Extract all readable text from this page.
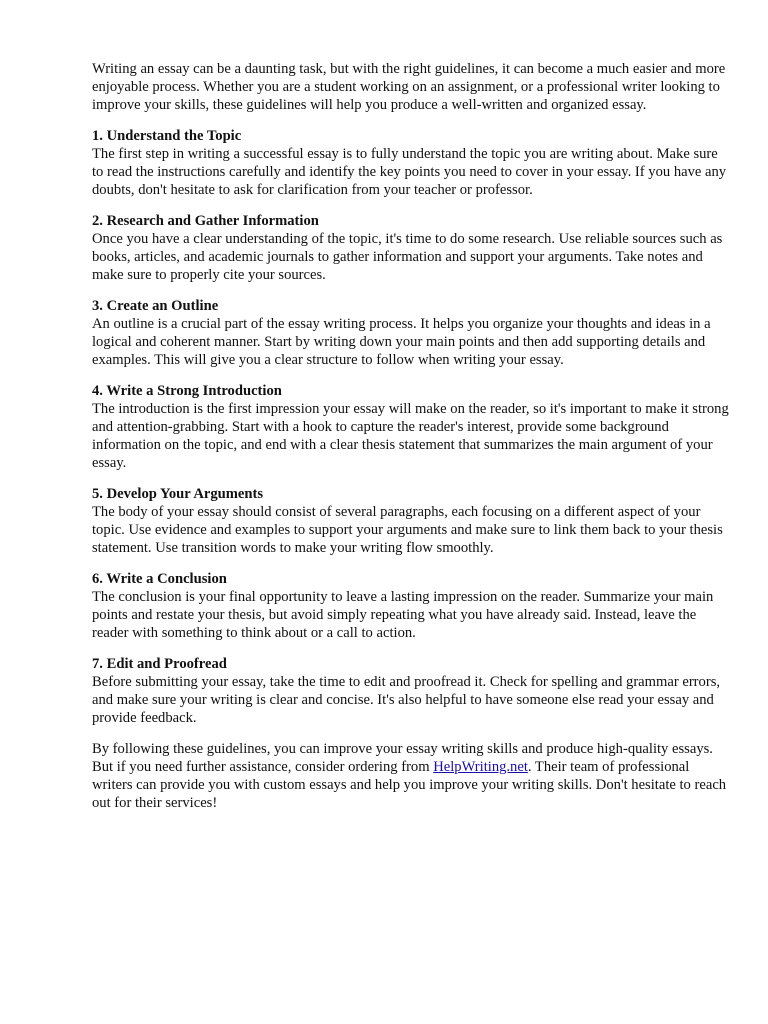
Writing an essay can be a daunting task, but with the right guidelines, it can become a much easier and more enjoyable process. Whether you are a student working on an assignment, or a professional writer looking to improve your skills, these guidelines will help you produce a well-written and organized essay.

1. Understand the Topic

The first step in writing a successful essay is to fully understand the topic you are writing about. Make sure to read the instructions carefully and identify the key points you need to cover in your essay. If you have any doubts, don't hesitate to ask for clarification from your teacher or professor.

2. Research and Gather Information

Once you have a clear understanding of the topic, it's time to do some research. Use reliable sources such as books, articles, and academic journals to gather information and support your arguments. Take notes and make sure to properly cite your sources.

3. Create an Outline

An outline is a crucial part of the essay writing process. It helps you organize your thoughts and ideas in a logical and coherent manner. Start by writing down your main points and then add supporting details and examples. This will give you a clear structure to follow when writing your essay.

4. Write a Strong Introduction

The introduction is the first impression your essay will make on the reader, so it's important to make it strong and attention-grabbing. Start with a hook to capture the reader's interest, provide some background information on the topic, and end with a clear thesis statement that summarizes the main argument of your essay.

5. Develop Your Arguments

The body of your essay should consist of several paragraphs, each focusing on a different aspect of your topic. Use evidence and examples to support your arguments and make sure to link them back to your thesis statement. Use transition words to make your writing flow smoothly.

6. Write a Conclusion

The conclusion is your final opportunity to leave a lasting impression on the reader. Summarize your main points and restate your thesis, but avoid simply repeating what you have already said. Instead, leave the reader with something to think about or a call to action.

7. Edit and Proofread

Before submitting your essay, take the time to edit and proofread it. Check for spelling and grammar errors, and make sure your writing is clear and concise. It's also helpful to have someone else read your essay and provide feedback.

By following these guidelines, you can improve your essay writing skills and produce high-quality essays. But if you need further assistance, consider ordering from HelpWriting.net. Their team of professional writers can provide you with custom essays and help you improve your writing skills. Don't hesitate to reach out for their services!
